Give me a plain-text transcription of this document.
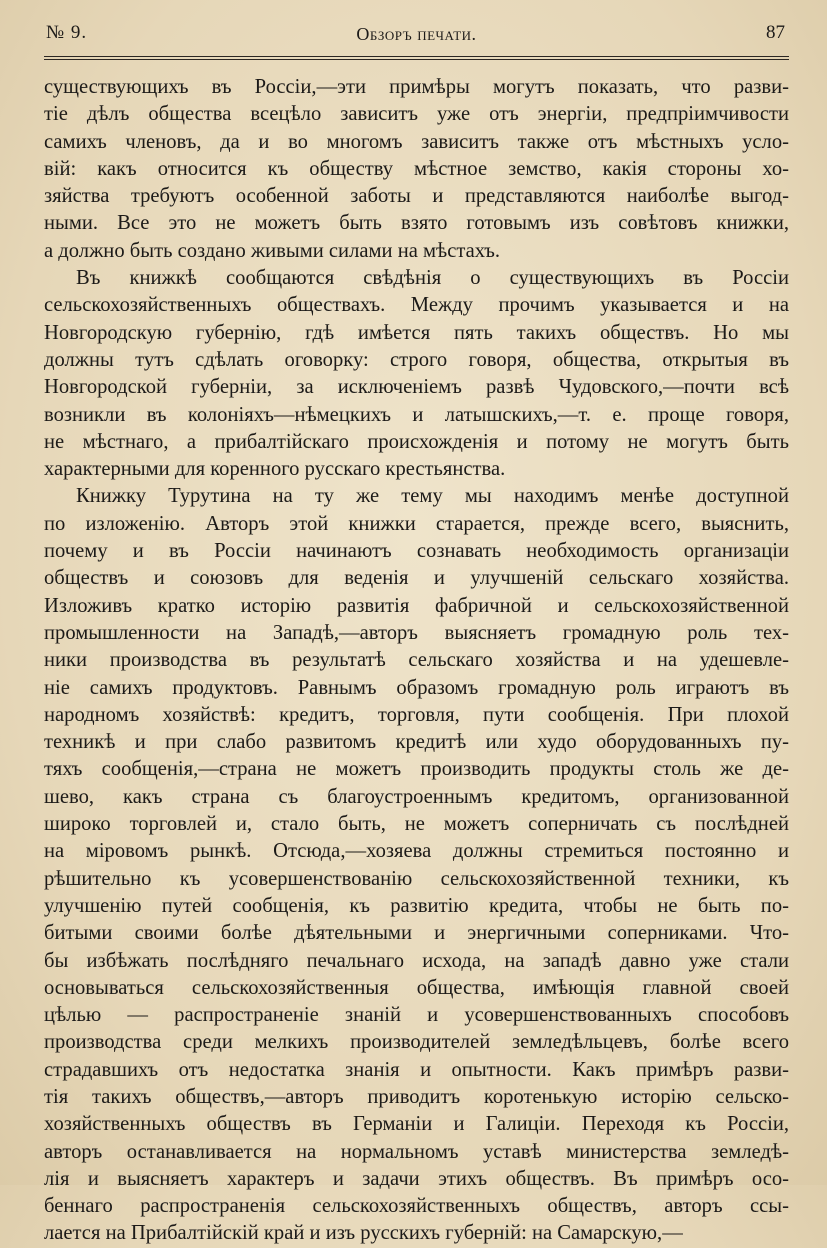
№ 9.	Обзоръ печати.	87

существующихъ въ Россіи,—эти примѣры могутъ показать, что разви-
тіе дѣлъ общества всецѣло зависитъ уже отъ энергіи, предпріимчивости
самихъ членовъ, да и во многомъ зависитъ также отъ мѣстныхъ усло-
вій: какъ относится къ обществу мѣстное земство, какія стороны хо-
зяйства требуютъ особенной заботы и представляются наиболѣе выгод-
ными. Все это не можетъ быть взято готовымъ изъ совѣтовъ книжки,
а должно быть создано живыми силами на мѣстахъ.

Въ книжкѣ сообщаются свѣдѣнія о существующихъ въ Россіи
сельскохозяйственныхъ обществахъ. Между прочимъ указывается и на
Новгородскую губернію, гдѣ имѣется пять такихъ обществъ. Но мы
должны тутъ сдѣлать оговорку: строго говоря, общества, открытыя въ
Новгородской губерніи, за исключеніемъ развѣ Чудовского,—почти всѣ
возникли въ колоніяхъ—нѣмецкихъ и латышскихъ,—т. е. проще говоря,
не мѣстнаго, а прибалтійскаго происхожденія и потому не могутъ быть
характерными для коренного русскаго крестьянства.

Книжку Турутина на ту же тему мы находимъ менѣе доступной
по изложенію. Авторъ этой книжки старается, прежде всего, выяснить,
почему и въ Россіи начинаютъ сознавать необходимость организаціи
обществъ и союзовъ для веденія и улучшеній сельскаго хозяйства.
Изложивъ кратко исторію развитія фабричной и сельскохозяйственной
промышленности на Западѣ,—авторъ выясняетъ громадную роль тех-
ники производства въ результатѣ сельскаго хозяйства и на удешевле-
ніе самихъ продуктовъ. Равнымъ образомъ громадную роль играютъ въ
народномъ хозяйствѣ: кредитъ, торговля, пути сообщенія. При плохой
техникѣ и при слабо развитомъ кредитѣ или худо оборудованныхъ пу-
тяхъ сообщенія,—страна не можетъ производить продукты столь же де-
шево, какъ страна съ благоустроеннымъ кредитомъ, организованной
широко торговлей и, стало быть, не можетъ соперничать съ послѣдней
на міровомъ рынкѣ. Отсюда,—хозяева должны стремиться постоянно и
рѣшительно къ усовершенствованію сельскохозяйственной техники, къ
улучшенію путей сообщенія, къ развитію кредита, чтобы не быть по-
битыми своими болѣе дѣятельными и энергичными соперниками. Что-
бы избѣжать послѣдняго печальнаго исхода, на западѣ давно уже стали
основываться сельскохозяйственныя общества, имѣющія главной своей
цѣлью — распространеніе знаній и усовершенствованныхъ способовъ
производства среди мелкихъ производителей земледѣльцевъ, болѣе всего
страдавшихъ отъ недостатка знанія и опытности. Какъ примѣръ разви-
тія такихъ обществъ,—авторъ приводитъ коротенькую исторію сельско-
хозяйственныхъ обществъ въ Германіи и Галиціи. Переходя къ Россіи,
авторъ останавливается на нормальномъ уставѣ министерства земледѣ-
лія и выясняетъ характеръ и задачи этихъ обществъ. Въ примѣръ осо-
беннаго распространенія сельскохозяйственныхъ обществъ, авторъ ссы-
лается на Прибалтійскій край и изъ русскихъ губерній: на Самарскую,—
